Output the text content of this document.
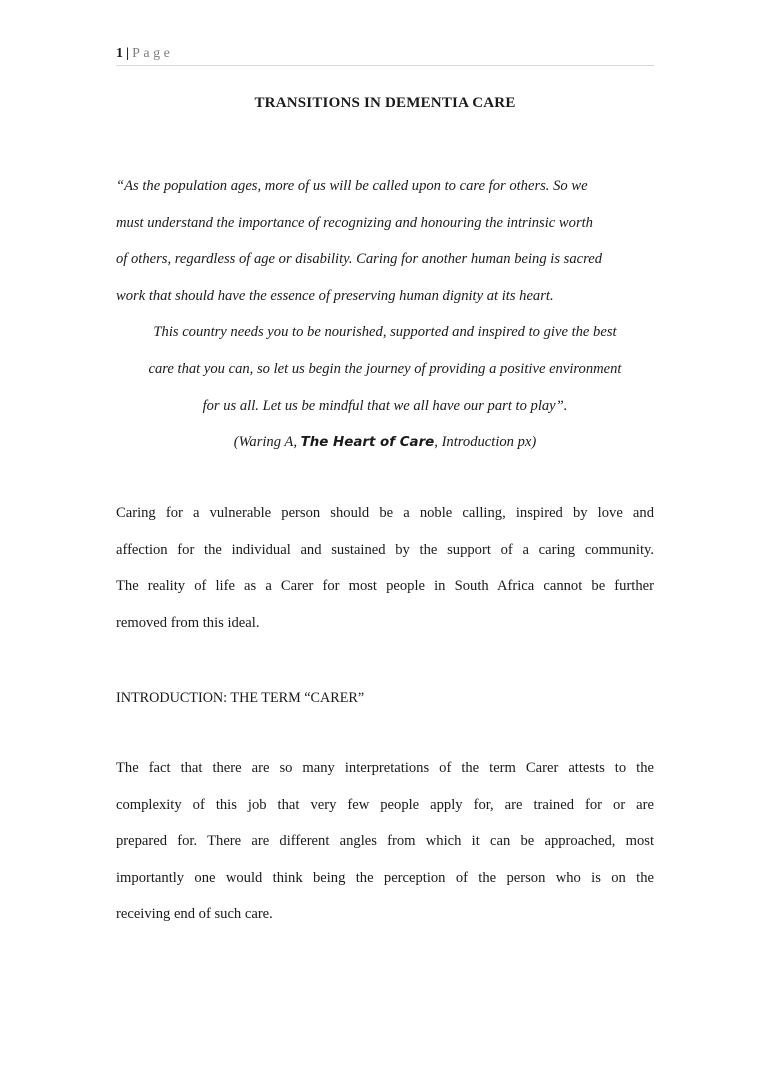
1 | Page
TRANSITIONS IN DEMENTIA CARE
“As the population ages, more of us will be called upon to care for others. So we
must understand the importance of recognizing and honouring the intrinsic worth
of others, regardless of age or disability. Caring for another human being is sacred
work that should have the essence of preserving human dignity at its heart.
This country needs you to be nourished, supported and inspired to give the best
care that you can, so let us begin the journey of providing a positive environment
for us all. Let us be mindful that we all have our part to play”.
(Waring A, The Heart of Care, Introduction px)
Caring for a vulnerable person should be a noble calling, inspired by love and
affection for the individual and sustained by the support of a caring community.
The reality of life as a Carer for most people in South Africa cannot be further
removed from this ideal.
INTRODUCTION: THE TERM “CARER”
The fact that there are so many interpretations of the term Carer attests to the
complexity of this job that very few people apply for, are trained for or are
prepared for. There are different angles from which it can be approached, most
importantly one would think being the perception of the person who is on the
receiving end of such care.
